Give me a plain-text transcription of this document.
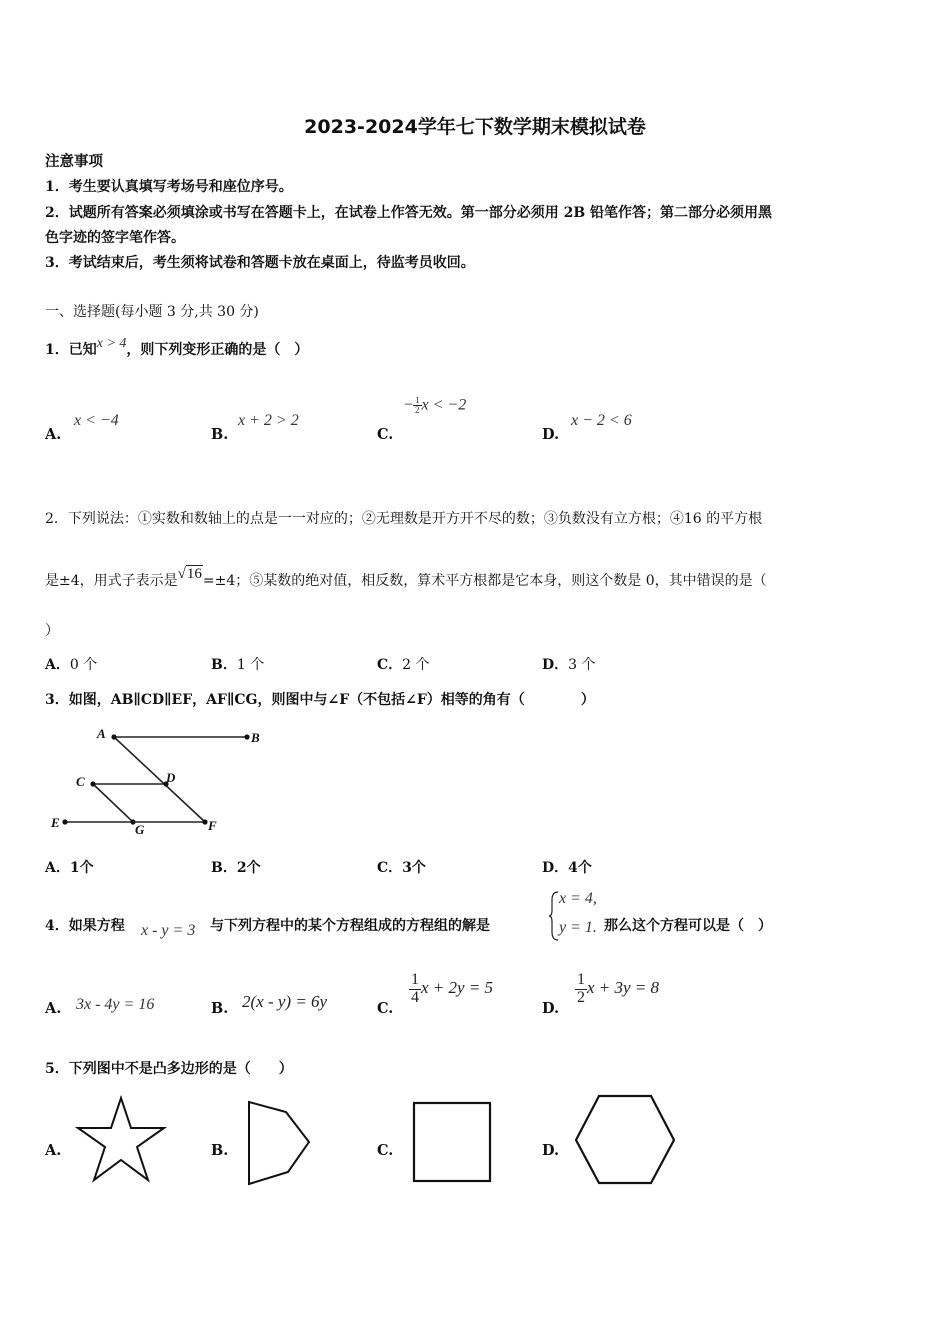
2023-2024学年七下数学期末模拟试卷
注意事项
1．考生要认真填写考场号和座位序号。
2．试题所有答案必须填涂或书写在答题卡上，在试卷上作答无效。第一部分必须用 2B 铅笔作答；第二部分必须用黑
色字迹的签字笔作答。
3．考试结束后，考生须将试卷和答题卡放在桌面上，待监考员收回。
一、选择题(每小题 3 分,共 30 分)
1．已知x > 4，则下列变形正确的是（　）
A.
x < −4
B.
x + 2 > 2
C.
− $\frac{1}{2}$ x < −2
D.
x − 2 < 6
2．下列说法：①实数和数轴上的点是一一对应的；②无理数是开方开不尽的数；③负数没有立方根；④16 的平方根
是±4，用式子表示是√16=±4；⑤某数的绝对值，相反数，算术平方根都是它本身，则这个数是 0，其中错误的是（
）
A．0 个	B．1 个	C．2 个	D．3 个
3．如图，AB∥CD∥EF，AF∥CG，则图中与∠F（不包括∠F）相等的角有（　　　　）
A	B
C	D
E	G	F
A．1个	B．2个	C．3个	D．4个
4．如果方程 x - y = 3 与下列方程中的某个方程组成的方程组的解是
x = 4,
y = 1. 那么这个方程可以是（　）
A. 3x - 4y = 16	B. 2(x - y) = 6y	C.
$\frac{1}{4}$ x + 2y = 5
D.
$\frac{1}{2}$ x + 3y = 8
5．下列图中不是凸多边形的是（　　）
A.	B.	C.	D.
